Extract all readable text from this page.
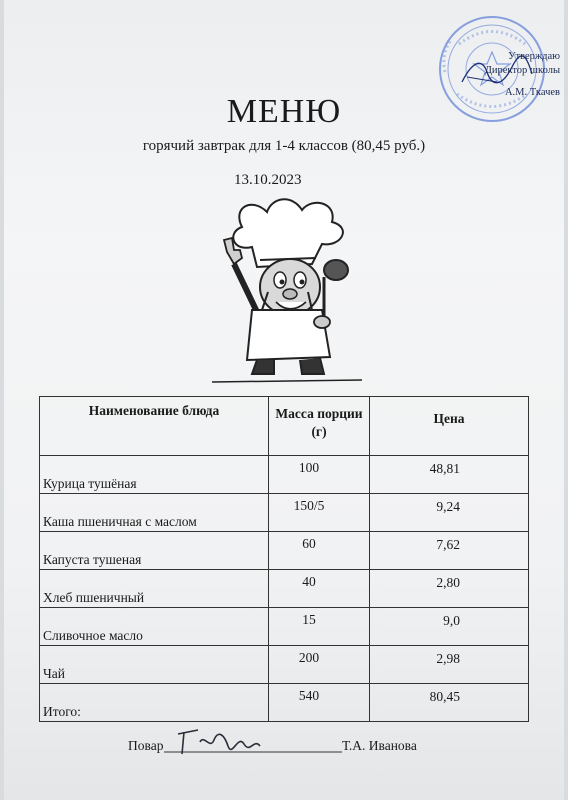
Утверждаю
Директор школы
А.М. Ткачев
МЕНЮ
горячий завтрак для 1-4 классов (80,45 руб.)
13.10.2023
Наименование блюда	Масса порции (г)	Цена
Курица тушёная	100	48,81
Каша пшеничная с маслом	150/5	9,24
Капуста тушеная	60	7,62
Хлеб пшеничный	40	2,80
Сливочное масло	15	9,0
Чай	200	2,98
Итого:	540	80,45
Повар	Т.А. Иванова
